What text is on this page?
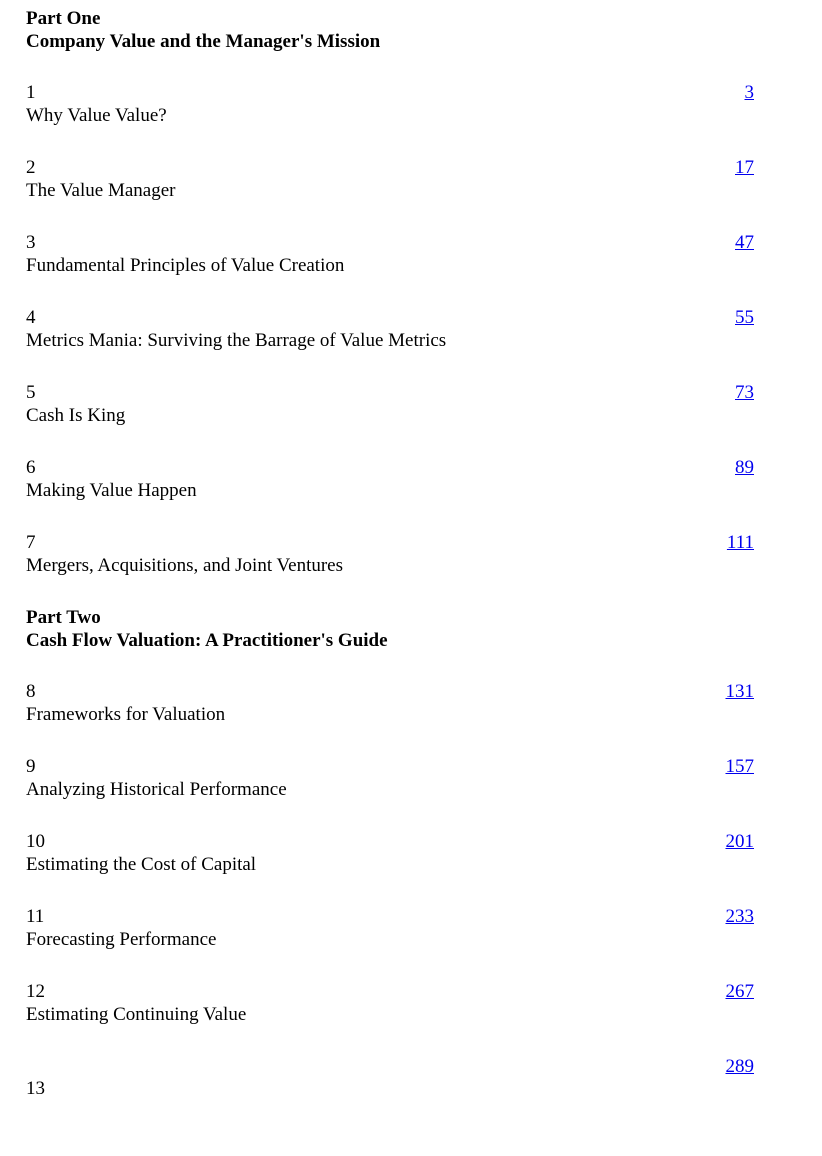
Part One
Company Value and the Manager's Mission
1
Why Value Value?
3
2
The Value Manager
17
3
Fundamental Principles of Value Creation
47
4
Metrics Mania: Surviving the Barrage of Value Metrics
55
5
Cash Is King
73
6
Making Value Happen
89
7
Mergers, Acquisitions, and Joint Ventures
111
Part Two
Cash Flow Valuation: A Practitioner's Guide
8
Frameworks for Valuation
131
9
Analyzing Historical Performance
157
10
Estimating the Cost of Capital
201
11
Forecasting Performance
233
12
Estimating Continuing Value
267
13
289
